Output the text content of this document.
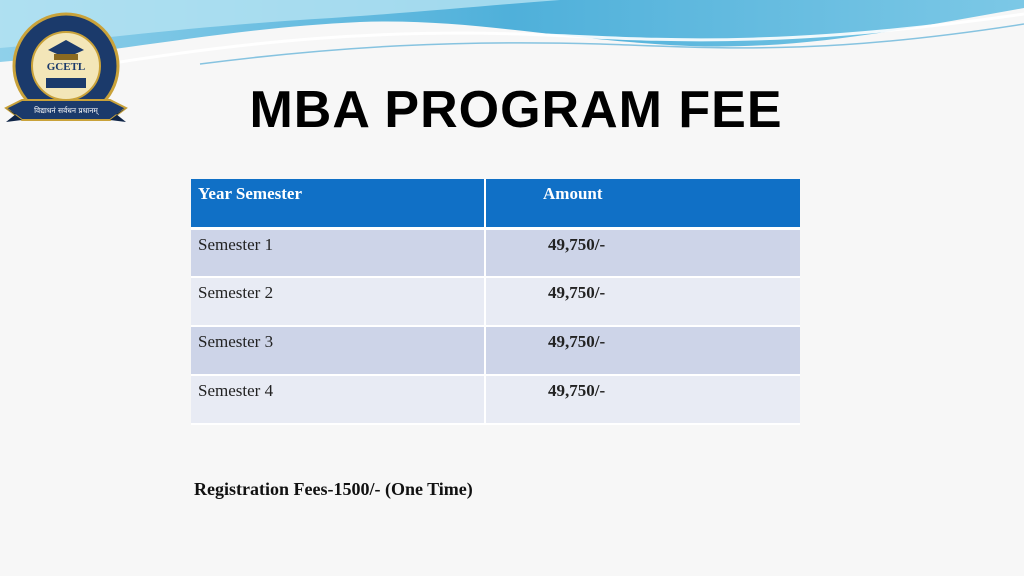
GCETL
विद्याधनं सर्वधन प्रधानम्	MBA PROGRAM FEE
Year Semester	Amount
Semester 1	49,750/-
Semester 2	49,750/-
Semester 3	49,750/-
Semester 4	49,750/-
Registration Fees-1500/- (One Time)
